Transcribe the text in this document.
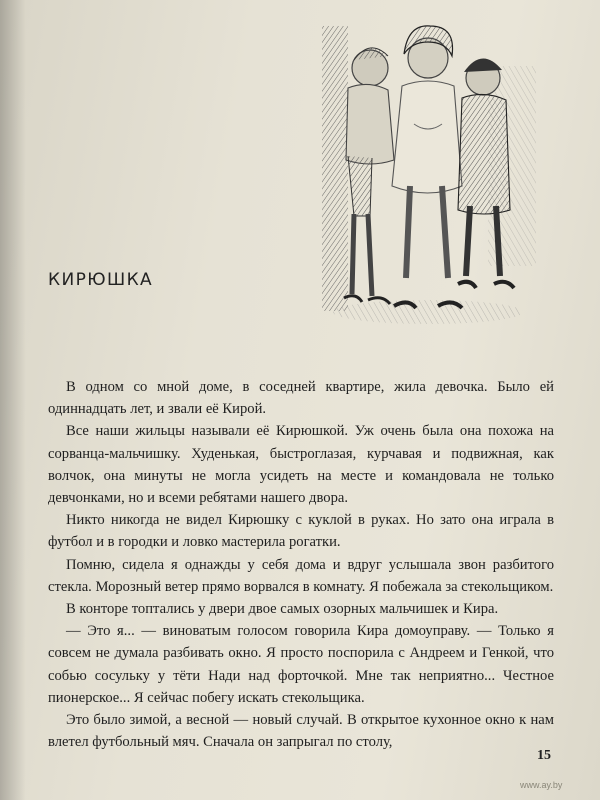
КИРЮШКА

В одном со мной доме, в соседней квартире, жила девочка. Было ей одиннадцать лет, и звали её Кирой.

Все наши жильцы называли её Кирюшкой. Уж очень была она похожа на сорванца-мальчишку. Худенькая, быстроглазая, курчавая и подвижная, как волчок, она минуты не могла усидеть на месте и командовала не только девчонками, но и всеми ребятами нашего двора.

Никто никогда не видел Кирюшку с куклой в руках. Но зато она играла в футбол и в городки и ловко мастерила рогатки.

Помню, сидела я однажды у себя дома и вдруг услышала звон разбитого стекла. Морозный ветер прямо ворвался в комнату. Я побежала за стекольщиком.

В конторе топтались у двери двое самых озорных мальчишек и Кира.

— Это я... — виноватым голосом говорила Кира домоуправу. — Только я совсем не думала разбивать окно. Я просто поспорила с Андреем и Генкой, что собью сосульку у тёти Нади над форточкой. Мне так неприятно... Честное пионерское... Я сейчас побегу искать стекольщика.

Это было зимой, а весной — новый случай. В открытое кухонное окно к нам влетел футбольный мяч. Сначала он запрыгал по столу,

15
www.ay.by
